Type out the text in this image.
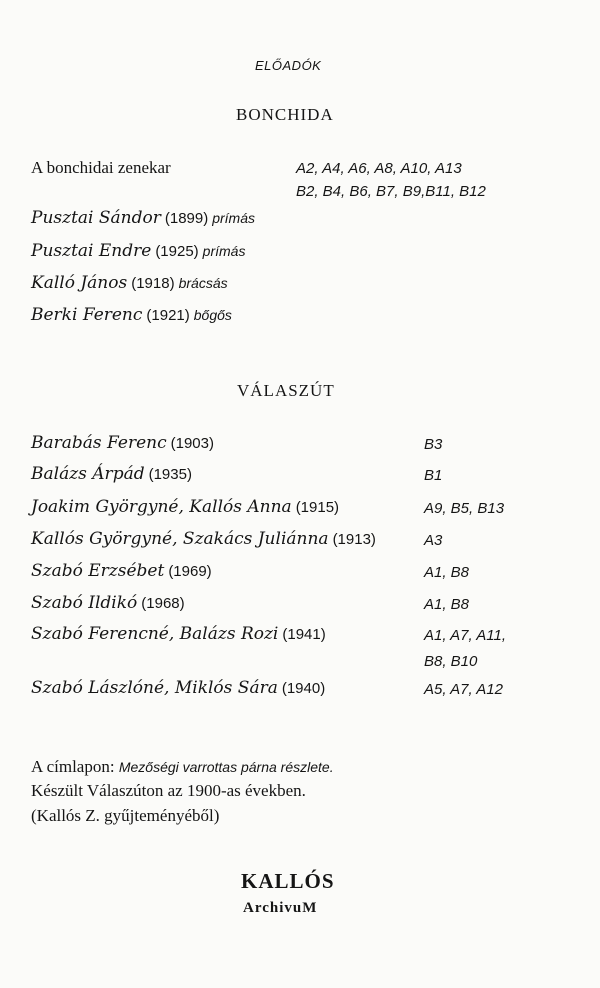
ELŐADÓK
BONCHIDA
A bonchidai zenekar	A2, A4, A6, A8, A10, A13
B2, B4, B6, B7, B9,B11, B12
Pusztai Sándor (1899) prímás
Pusztai Endre (1925) prímás
Kalló János (1918) brácsás
Berki Ferenc (1921) bőgős
VÁLASZÚT
Barabás Ferenc (1903)	B3
Balázs Árpád (1935)	B1
Joakim Györgyné, Kallós Anna (1915)	A9, B5, B13
Kallós Györgyné, Szakács Juliánna (1913)	A3
Szabó Erzsébet (1969)	A1, B8
Szabó Ildikó (1968)	A1, B8
Szabó Ferencné, Balázs Rozi (1941)	A1, A7, A11,
B8, B10
Szabó Lászlóné, Miklós Sára (1940)	A5, A7, A12
A címlapon: Mezőségi varrottas párna részlete.
Készült Válaszúton az 1900-as években.
(Kallós Z. gyűjteményéből)
KALLÓS
ArchivuM
